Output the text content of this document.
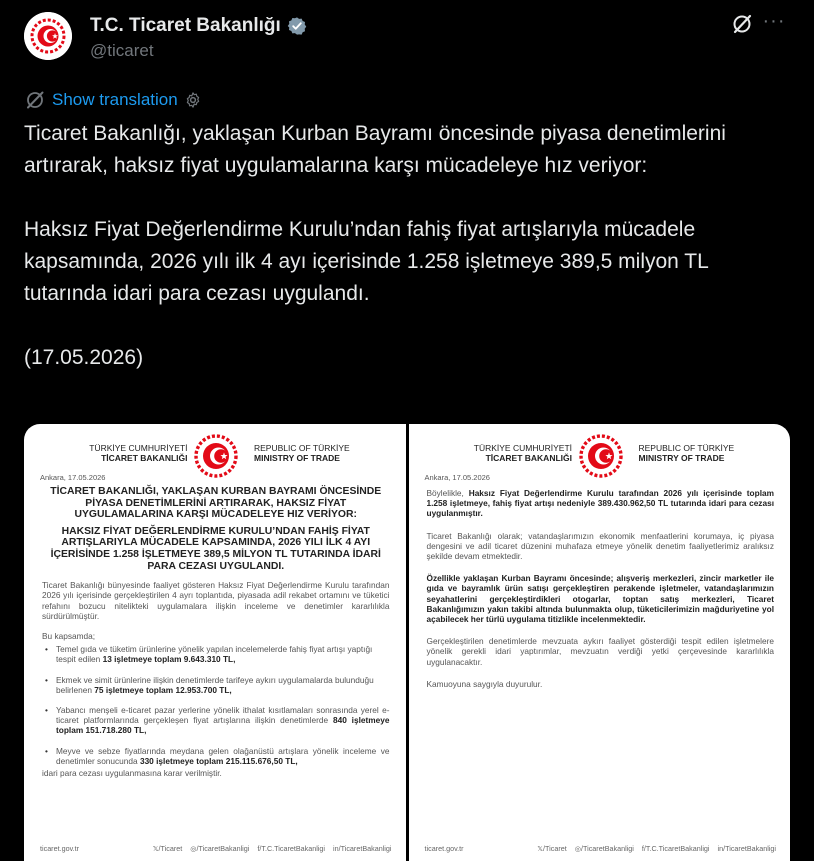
T.C. Ticaret Bakanlığı
@ticaret
···
Show translation
Ticaret Bakanlığı, yaklaşan Kurban Bayramı öncesinde piyasa denetimlerini artırarak, haksız fiyat uygulamalarına karşı mücadeleye hız veriyor:

Haksız Fiyat Değerlendirme Kurulu’ndan fahiş fiyat artışlarıyla mücadele kapsamında, 2026 yılı ilk 4 ayı içerisinde 1.258 işletmeye 389,5 milyon TL tutarında idari para cezası uygulandı.

(17.05.2026)
TÜRKİYE CUMHURİYETİ
TİCARET BAKANLIĞI
REPUBLIC OF TÜRKİYE
MINISTRY OF TRADE
Ankara, 17.05.2026
TİCARET BAKANLIĞI, YAKLAŞAN KURBAN BAYRAMI ÖNCESİNDE PİYASA DENETİMLERİNİ ARTIRARAK, HAKSIZ FİYAT UYGULAMALARINA KARŞI MÜCADELEYE HIZ VERİYOR:
HAKSIZ FİYAT DEĞERLENDİRME KURULU’NDAN FAHİŞ FİYAT ARTIŞLARIYLA MÜCADELE KAPSAMINDA, 2026 YILI İLK 4 AYI İÇERİSİNDE 1.258 İŞLETMEYE 389,5 MİLYON TL TUTARINDA İDARİ PARA CEZASI UYGULANDI.
Ticaret Bakanlığı bünyesinde faaliyet gösteren Haksız Fiyat Değerlendirme Kurulu tarafından 2026 yılı içerisinde gerçekleştirilen 4 ayrı toplantıda, piyasada adil rekabet ortamını ve tüketici refahını bozucu nitelikteki uygulamalara ilişkin inceleme ve denetimler kararlılıkla sürdürülmüştür.
Bu kapsamda;
• Temel gıda ve tüketim ürünlerine yönelik yapılan incelemelerde fahiş fiyat artışı yaptığı tespit edilen 13 işletmeye toplam 9.643.310 TL,
• Ekmek ve simit ürünlerine ilişkin denetimlerde tarifeye aykırı uygulamalarda bulunduğu belirlenen 75 işletmeye toplam 12.953.700 TL,
• Yabancı menşeli e-ticaret pazar yerlerine yönelik ithalat kısıtlamaları sonrasında yerel e-ticaret platformlarında gerçekleşen fiyat artışlarına ilişkin denetimlerde 840 işletmeye toplam 151.718.280 TL,
• Meyve ve sebze fiyatlarında meydana gelen olağanüstü artışlara yönelik inceleme ve denetimler sonucunda 330 işletmeye toplam 215.115.676,50 TL,
idari para cezası uygulanmasına karar verilmiştir.
ticaret.gov.tr	𝕏/Ticaret ◎/TicaretBakanligi f/T.C.TicaretBakanligi in/TicaretBakanligi
TÜRKİYE CUMHURİYETİ
TİCARET BAKANLIĞI
REPUBLIC OF TÜRKİYE
MINISTRY OF TRADE
Ankara, 17.05.2026
Böylelikle, Haksız Fiyat Değerlendirme Kurulu tarafından 2026 yılı içerisinde toplam 1.258 işletmeye, fahiş fiyat artışı nedeniyle 389.430.962,50 TL tutarında idari para cezası uygulanmıştır.
Ticaret Bakanlığı olarak; vatandaşlarımızın ekonomik menfaatlerini korumaya, iç piyasa dengesini ve adil ticaret düzenini muhafaza etmeye yönelik denetim faaliyetlerimiz aralıksız şekilde devam etmektedir.
Özellikle yaklaşan Kurban Bayramı öncesinde; alışveriş merkezleri, zincir marketler ile gıda ve bayramlık ürün satışı gerçekleştiren perakende işletmeler, vatandaşlarımızın seyahatlerini gerçekleştirdikleri otogarlar, toptan satış merkezleri, Ticaret Bakanlığımızın yakın takibi altında bulunmakta olup, tüketicilerimizin mağduriyetine yol açabilecek her türlü uygulama titizlikle incelenmektedir.
Gerçekleştirilen denetimlerde mevzuata aykırı faaliyet gösterdiği tespit edilen işletmelere yönelik gerekli idari yaptırımlar, mevzuatın verdiği yetki çerçevesinde kararlılıkla uygulanacaktır.
Kamuoyuna saygıyla duyurulur.
ticaret.gov.tr	𝕏/Ticaret ◎/TicaretBakanligi f/T.C.TicaretBakanligi in/TicaretBakanligi
